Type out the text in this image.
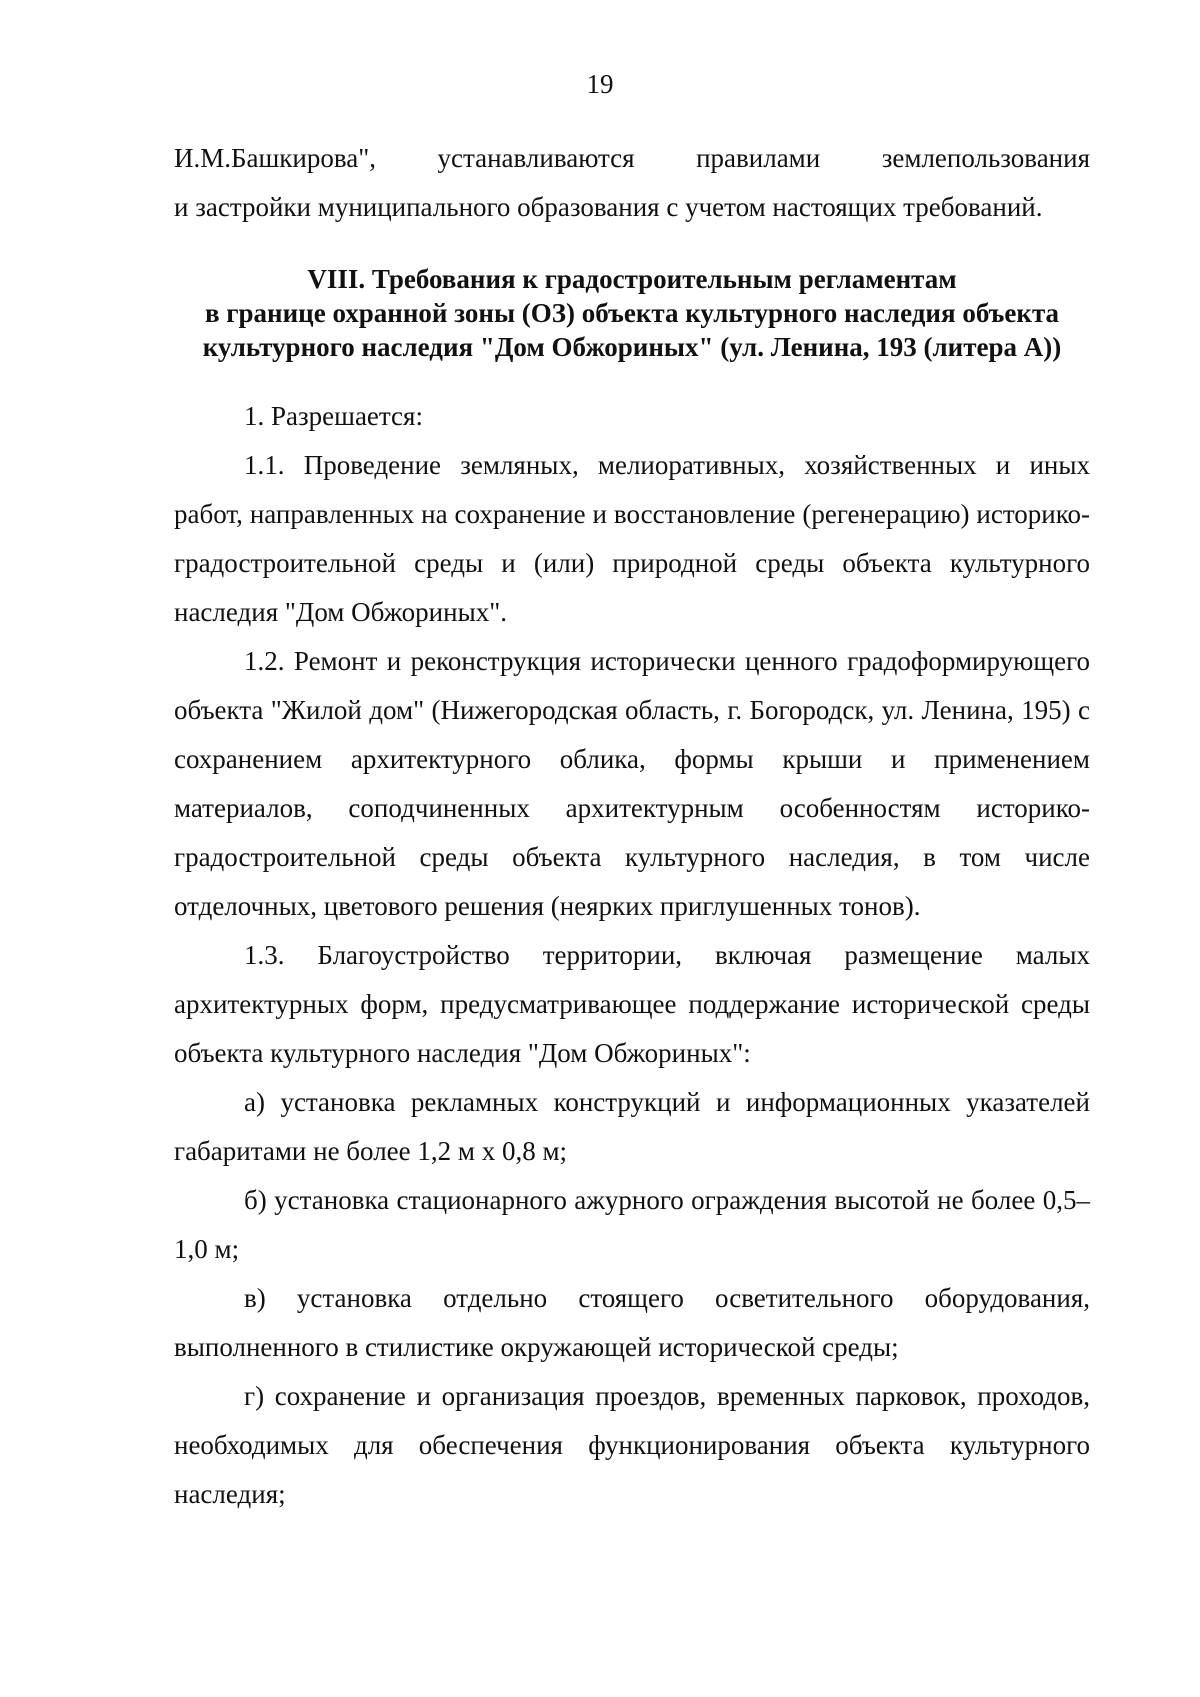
19

И.М.Башкирова", устанавливаются правилами землепользования

и застройки муниципального образования с учетом настоящих требований.

VIII. Требования к градостроительным регламентам
в границе охранной зоны (ОЗ) объекта культурного наследия объекта
культурного наследия "Дом Обжориных" (ул. Ленина, 193 (литера А))

1. Разрешается:

1.1. Проведение земляных, мелиоративных, хозяйственных и иных работ, направленных на сохранение и восстановление (регенерацию) историко-градостроительной среды и (или) природной среды объекта культурного наследия "Дом Обжориных".

1.2. Ремонт и реконструкция исторически ценного градоформирующего объекта "Жилой дом" (Нижегородская область, г. Богородск, ул. Ленина, 195) с сохранением архитектурного облика, формы крыши и применением материалов, соподчиненных архитектурным особенностям историко-градостроительной среды объекта культурного наследия, в том числе отделочных, цветового решения (неярких приглушенных тонов).

1.3. Благоустройство территории, включая размещение малых архитектурных форм, предусматривающее поддержание исторической среды объекта культурного наследия "Дом Обжориных":

а) установка рекламных конструкций и информационных указателей габаритами не более 1,2 м х 0,8 м;

б) установка стационарного ажурного ограждения высотой не более 0,5–1,0 м;

в) установка отдельно стоящего осветительного оборудования, выполненного в стилистике окружающей исторической среды;

г) сохранение и организация проездов, временных парковок, проходов, необходимых для обеспечения функционирования объекта культурного наследия;
